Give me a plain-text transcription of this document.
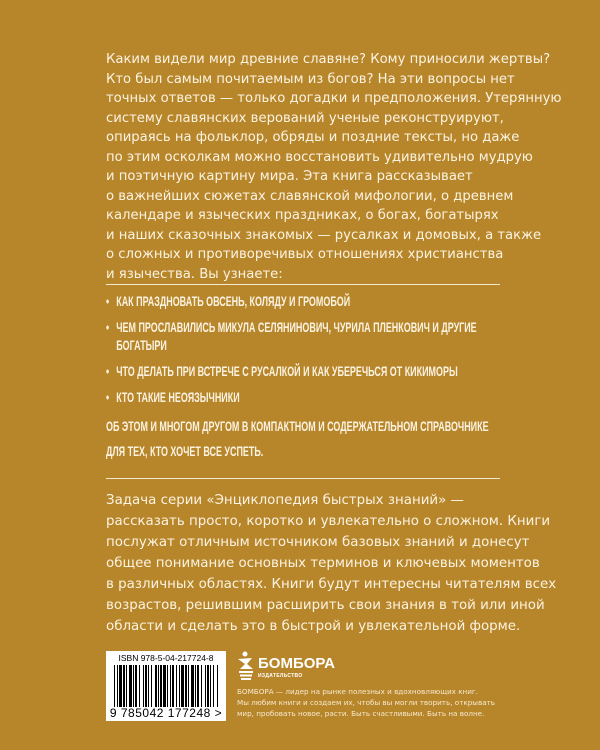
Каким видели мир древние славяне? Кому приносили жертвы?
Кто был самым почитаемым из богов? На эти вопросы нет
точных ответов — только догадки и предположения. Утерянную
систему славянских верований ученые реконструируют,
опираясь на фольклор, обряды и поздние тексты, но даже
по этим осколкам можно восстановить удивительно мудрую
и поэтичную картину мира. Эта книга рассказывает
о важнейших сюжетах славянской мифологии, о древнем
календаре и языческих праздниках, о богах, богатырях
и наших сказочных знакомых — русалках и домовых, а также
о сложных и противоречивых отношениях христианства
и язычества. Вы узнаете:
• КАК ПРАЗДНОВАТЬ ОВСЕНЬ, КОЛЯДУ И ГРОМОБОЙ
• ЧЕМ ПРОСЛАВИЛИСЬ МИКУЛА СЕЛЯНИНОВИЧ, ЧУРИЛА ПЛЕНКОВИЧ И ДРУГИЕ
БОГАТЫРИ
• ЧТО ДЕЛАТЬ ПРИ ВСТРЕЧЕ С РУСАЛКОЙ И КАК УБЕРЕЧЬСЯ ОТ КИКИМОРЫ
• КТО ТАКИЕ НЕОЯЗЫЧНИКИ
ОБ ЭТОМ И МНОГОМ ДРУГОМ В КОМПАКТНОМ И СОДЕРЖАТЕЛЬНОМ СПРАВОЧНИКЕ
ДЛЯ ТЕХ, КТО ХОЧЕТ ВСЕ УСПЕТЬ.
Задача серии «Энциклопедия быстрых знаний» —
рассказать просто, коротко и увлекательно о сложном. Книги
послужат отличным источником базовых знаний и донесут
общее понимание основных терминов и ключевых моментов
в различных областях. Книги будут интересны читателям всех
возрастов, решившим расширить свои знания в той или иной
области и сделать это в быстрой и увлекательной форме.
ISBN 978-5-04-217724-8
9 785042 177248 >
БОМБОРА
ИЗДАТЕЛЬСТВО
БОМБОРА — лидер на рынке полезных и вдохновляющих книг.
Мы любим книги и создаем их, чтобы вы могли творить, открывать
мир, пробовать новое, расти. Быть счастливыми. Быть на волне.
